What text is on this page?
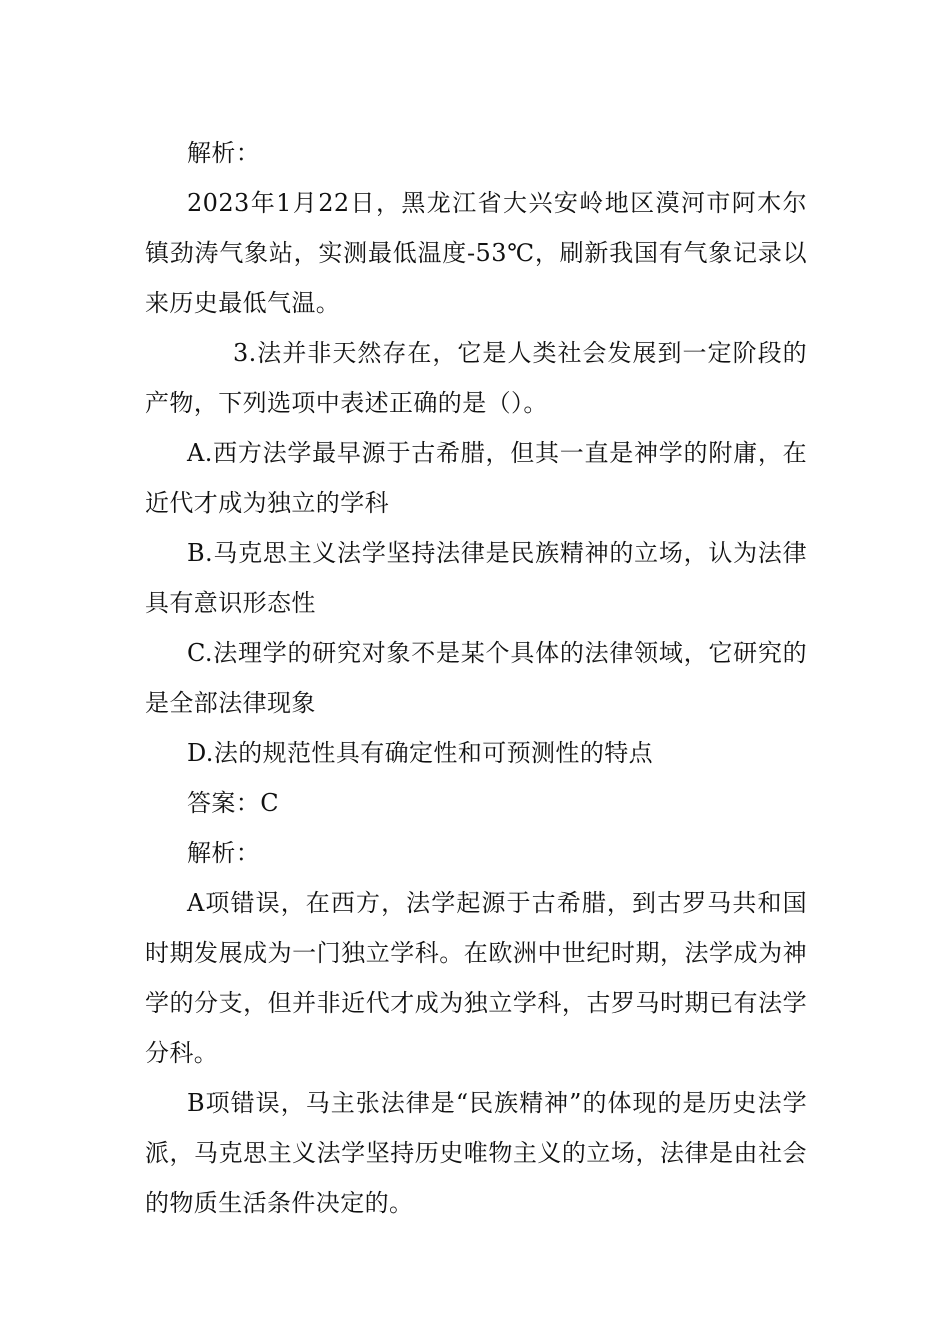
解析：

2023年1月22日，黑龙江省大兴安岭地区漠河市阿木尔镇劲涛气象站，实测最低温度-53℃，刷新我国有气象记录以来历史最低气温。

3.法并非天然存在，它是人类社会发展到一定阶段的产物，下列选项中表述正确的是（）。

A.西方法学最早源于古希腊，但其一直是神学的附庸，在近代才成为独立的学科

B.马克思主义法学坚持法律是民族精神的立场，认为法律具有意识形态性

C.法理学的研究对象不是某个具体的法律领域，它研究的是全部法律现象

D.法的规范性具有确定性和可预测性的特点

答案：C

解析：

A项错误，在西方，法学起源于古希腊，到古罗马共和国时期发展成为一门独立学科。在欧洲中世纪时期，法学成为神学的分支，但并非近代才成为独立学科，古罗马时期已有法学分科。

B项错误，马主张法律是“民族精神”的体现的是历史法学派，马克思主义法学坚持历史唯物主义的立场，法律是由社会的物质生活条件决定的。
